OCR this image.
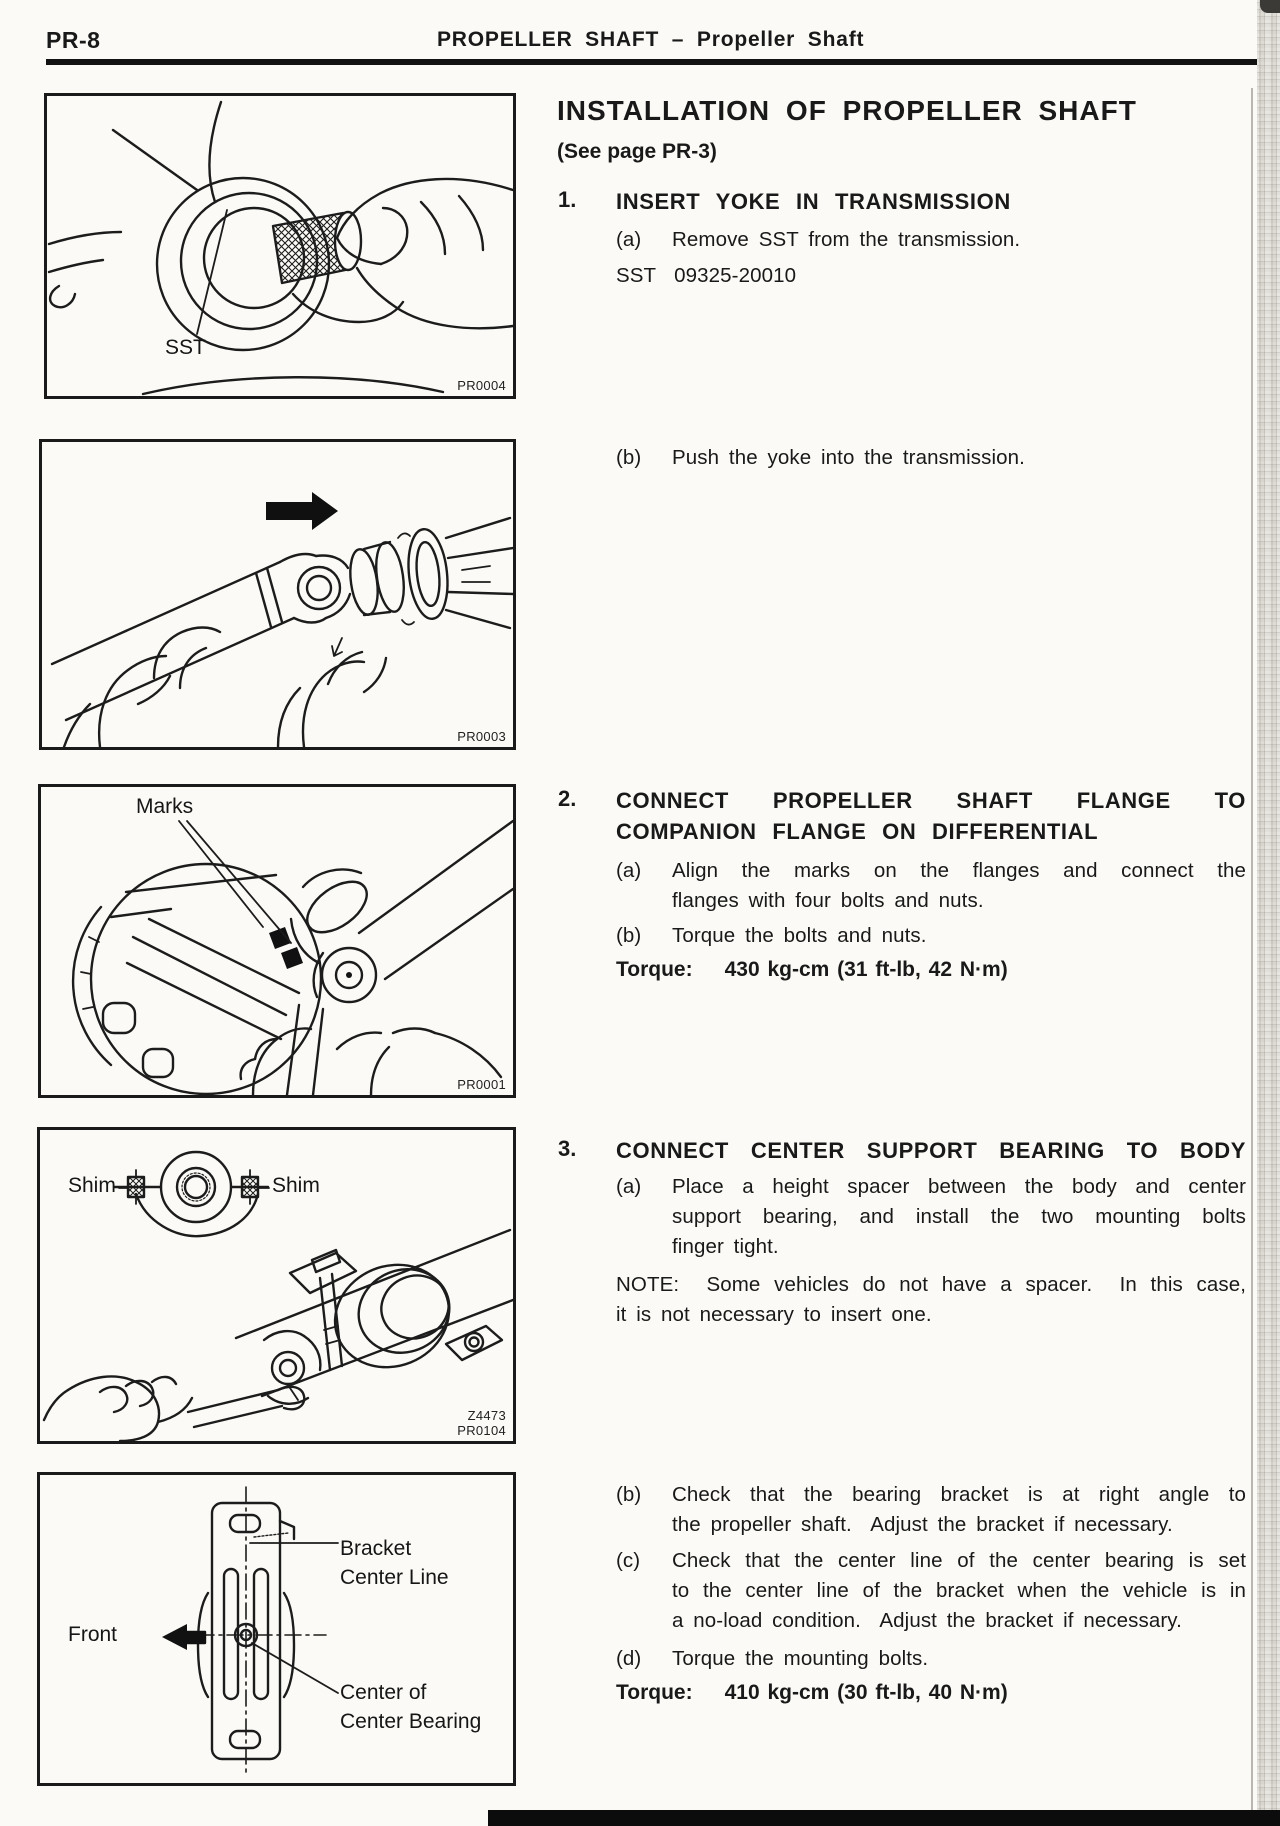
PR-8	PROPELLER SHAFT – Propeller Shaft
SST
PR0004
PR0003
Marks
PR0001
Shim	Shim
Z4473
PR0104
Front
Bracket
Center Line
Center of
Center Bearing
INSTALLATION OF PROPELLER SHAFT
(See page PR-3)
1. INSERT YOKE IN TRANSMISSION
(a) Remove SST from the transmission.
SST 09325-20010
(b) Push the yoke into the transmission.
2. CONNECT PROPELLER SHAFT FLANGE TO
COMPANION FLANGE ON DIFFERENTIAL
(a) Align the marks on the flanges and connect the
flanges with four bolts and nuts.
(b) Torque the bolts and nuts.
Torque: 430 kg-cm (31 ft-lb, 42 N·m)
3. CONNECT CENTER SUPPORT BEARING TO BODY
(a) Place a height spacer between the body and center
support bearing, and install the two mounting bolts
finger tight.
NOTE:  Some vehicles do not have a spacer.  In this case,
it is not necessary to insert one.
(b) Check that the bearing bracket is at right angle to
the propeller shaft.  Adjust the bracket if necessary.
(c) Check that the center line of the center bearing is set
to the center line of the bracket when the vehicle is in
a no-load condition.  Adjust the bracket if necessary.
(d) Torque the mounting bolts.
Torque: 410 kg-cm (30 ft-lb, 40 N·m)
